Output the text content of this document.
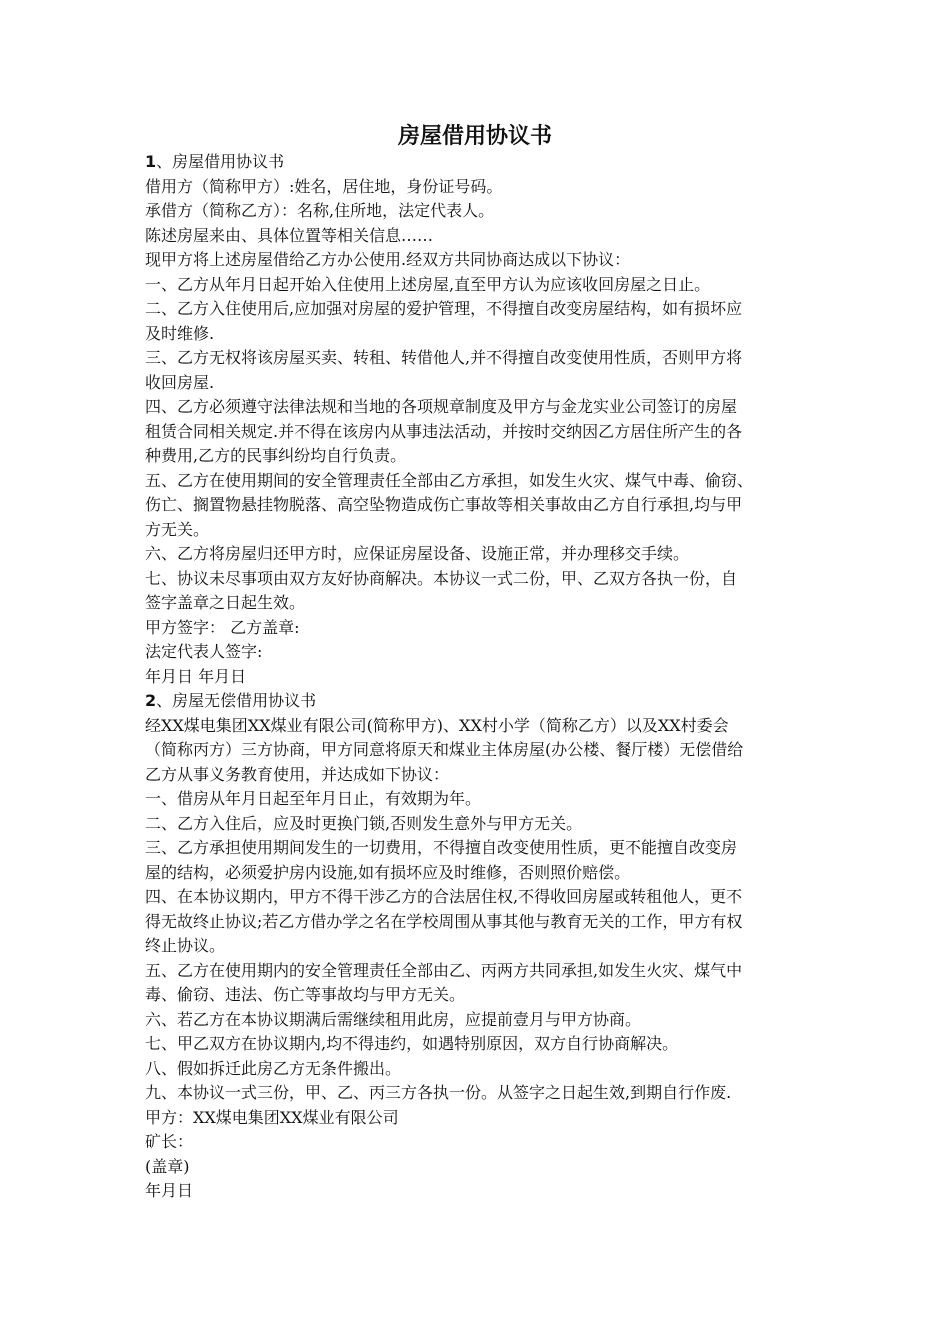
房屋借用协议书
1、房屋借用协议书
借用方（简称甲方）:姓名，居住地，身份证号码。
承借方（简称乙方）：名称,住所地，法定代表人。
陈述房屋来由、具体位置等相关信息……
现甲方将上述房屋借给乙方办公使用.经双方共同协商达成以下协议：
一、乙方从年月日起开始入住使用上述房屋,直至甲方认为应该收回房屋之日止。
二、乙方入住使用后,应加强对房屋的爱护管理，不得擅自改变房屋结构，如有损坏应
及时维修.
三、乙方无权将该房屋买卖、转租、转借他人,并不得擅自改变使用性质，否则甲方将
收回房屋.
四、乙方必须遵守法律法规和当地的各项规章制度及甲方与金龙实业公司签订的房屋
租赁合同相关规定.并不得在该房内从事违法活动，并按时交纳因乙方居住所产生的各
种费用,乙方的民事纠纷均自行负责。
五、乙方在使用期间的安全管理责任全部由乙方承担，如发生火灾、煤气中毒、偷窃、
伤亡、搁置物悬挂物脱落、高空坠物造成伤亡事故等相关事故由乙方自行承担,均与甲
方无关。
六、乙方将房屋归还甲方时，应保证房屋设备、设施正常，并办理移交手续。
七、协议未尽事项由双方友好协商解决。本协议一式二份，甲、乙双方各执一份，自
签字盖章之日起生效。
甲方签字： 乙方盖章:
法定代表人签字:
年月日 年月日
2、房屋无偿借用协议书
经XX煤电集团XX煤业有限公司(简称甲方)、XX村小学（简称乙方）以及XX村委会
（简称丙方）三方协商，甲方同意将原天和煤业主体房屋(办公楼、餐厅楼）无偿借给
乙方从事义务教育使用，并达成如下协议：
一、借房从年月日起至年月日止，有效期为年。
二、乙方入住后，应及时更换门锁,否则发生意外与甲方无关。
三、乙方承担使用期间发生的一切费用，不得擅自改变使用性质，更不能擅自改变房
屋的结构，必须爱护房内设施,如有损坏应及时维修，否则照价赔偿。
四、在本协议期内，甲方不得干涉乙方的合法居住权,不得收回房屋或转租他人，更不
得无故终止协议;若乙方借办学之名在学校周围从事其他与教育无关的工作，甲方有权
终止协议。
五、乙方在使用期内的安全管理责任全部由乙、丙两方共同承担,如发生火灾、煤气中
毒、偷窃、违法、伤亡等事故均与甲方无关。
六、若乙方在本协议期满后需继续租用此房，应提前壹月与甲方协商。
七、甲乙双方在协议期内,均不得违约，如遇特别原因，双方自行协商解决。
八、假如拆迁此房乙方无条件搬出。
九、本协议一式三份，甲、乙、丙三方各执一份。从签字之日起生效,到期自行作废.
甲方：XX煤电集团XX煤业有限公司
矿长：
(盖章)
年月日
